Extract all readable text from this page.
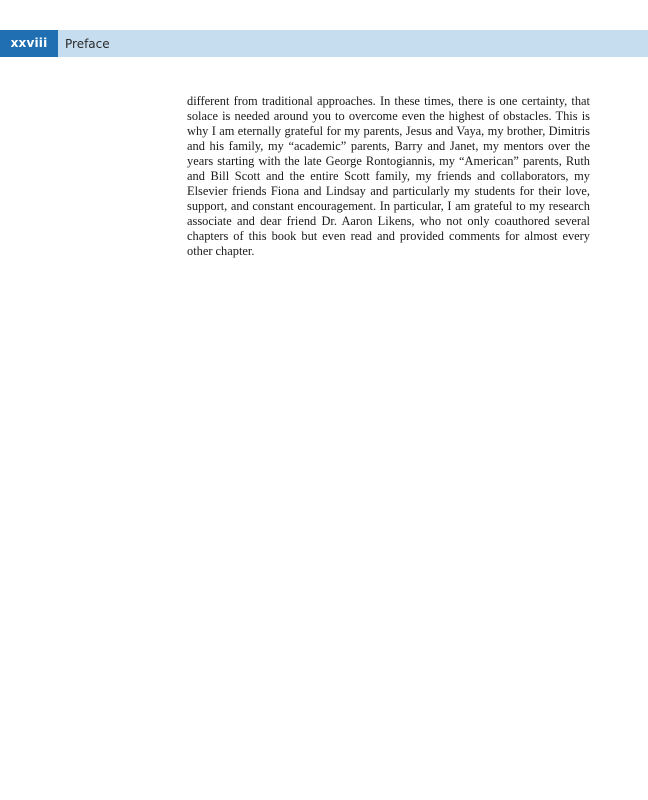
xxviii	Preface

different from traditional approaches. In these times, there is one certainty, that solace is needed around you to overcome even the highest of obstacles. This is why I am eternally grateful for my parents, Jesus and Vaya, my brother, Dimitris and his family, my “academic” parents, Barry and Janet, my mentors over the years starting with the late George Rontogiannis, my “American” parents, Ruth and Bill Scott and the entire Scott family, my friends and collaborators, my Elsevier friends Fiona and Lindsay and particularly my students for their love, support, and constant encouragement. In particular, I am grateful to my research associate and dear friend Dr. Aaron Likens, who not only coauthored several chapters of this book but even read and provided comments for almost every other chapter.
